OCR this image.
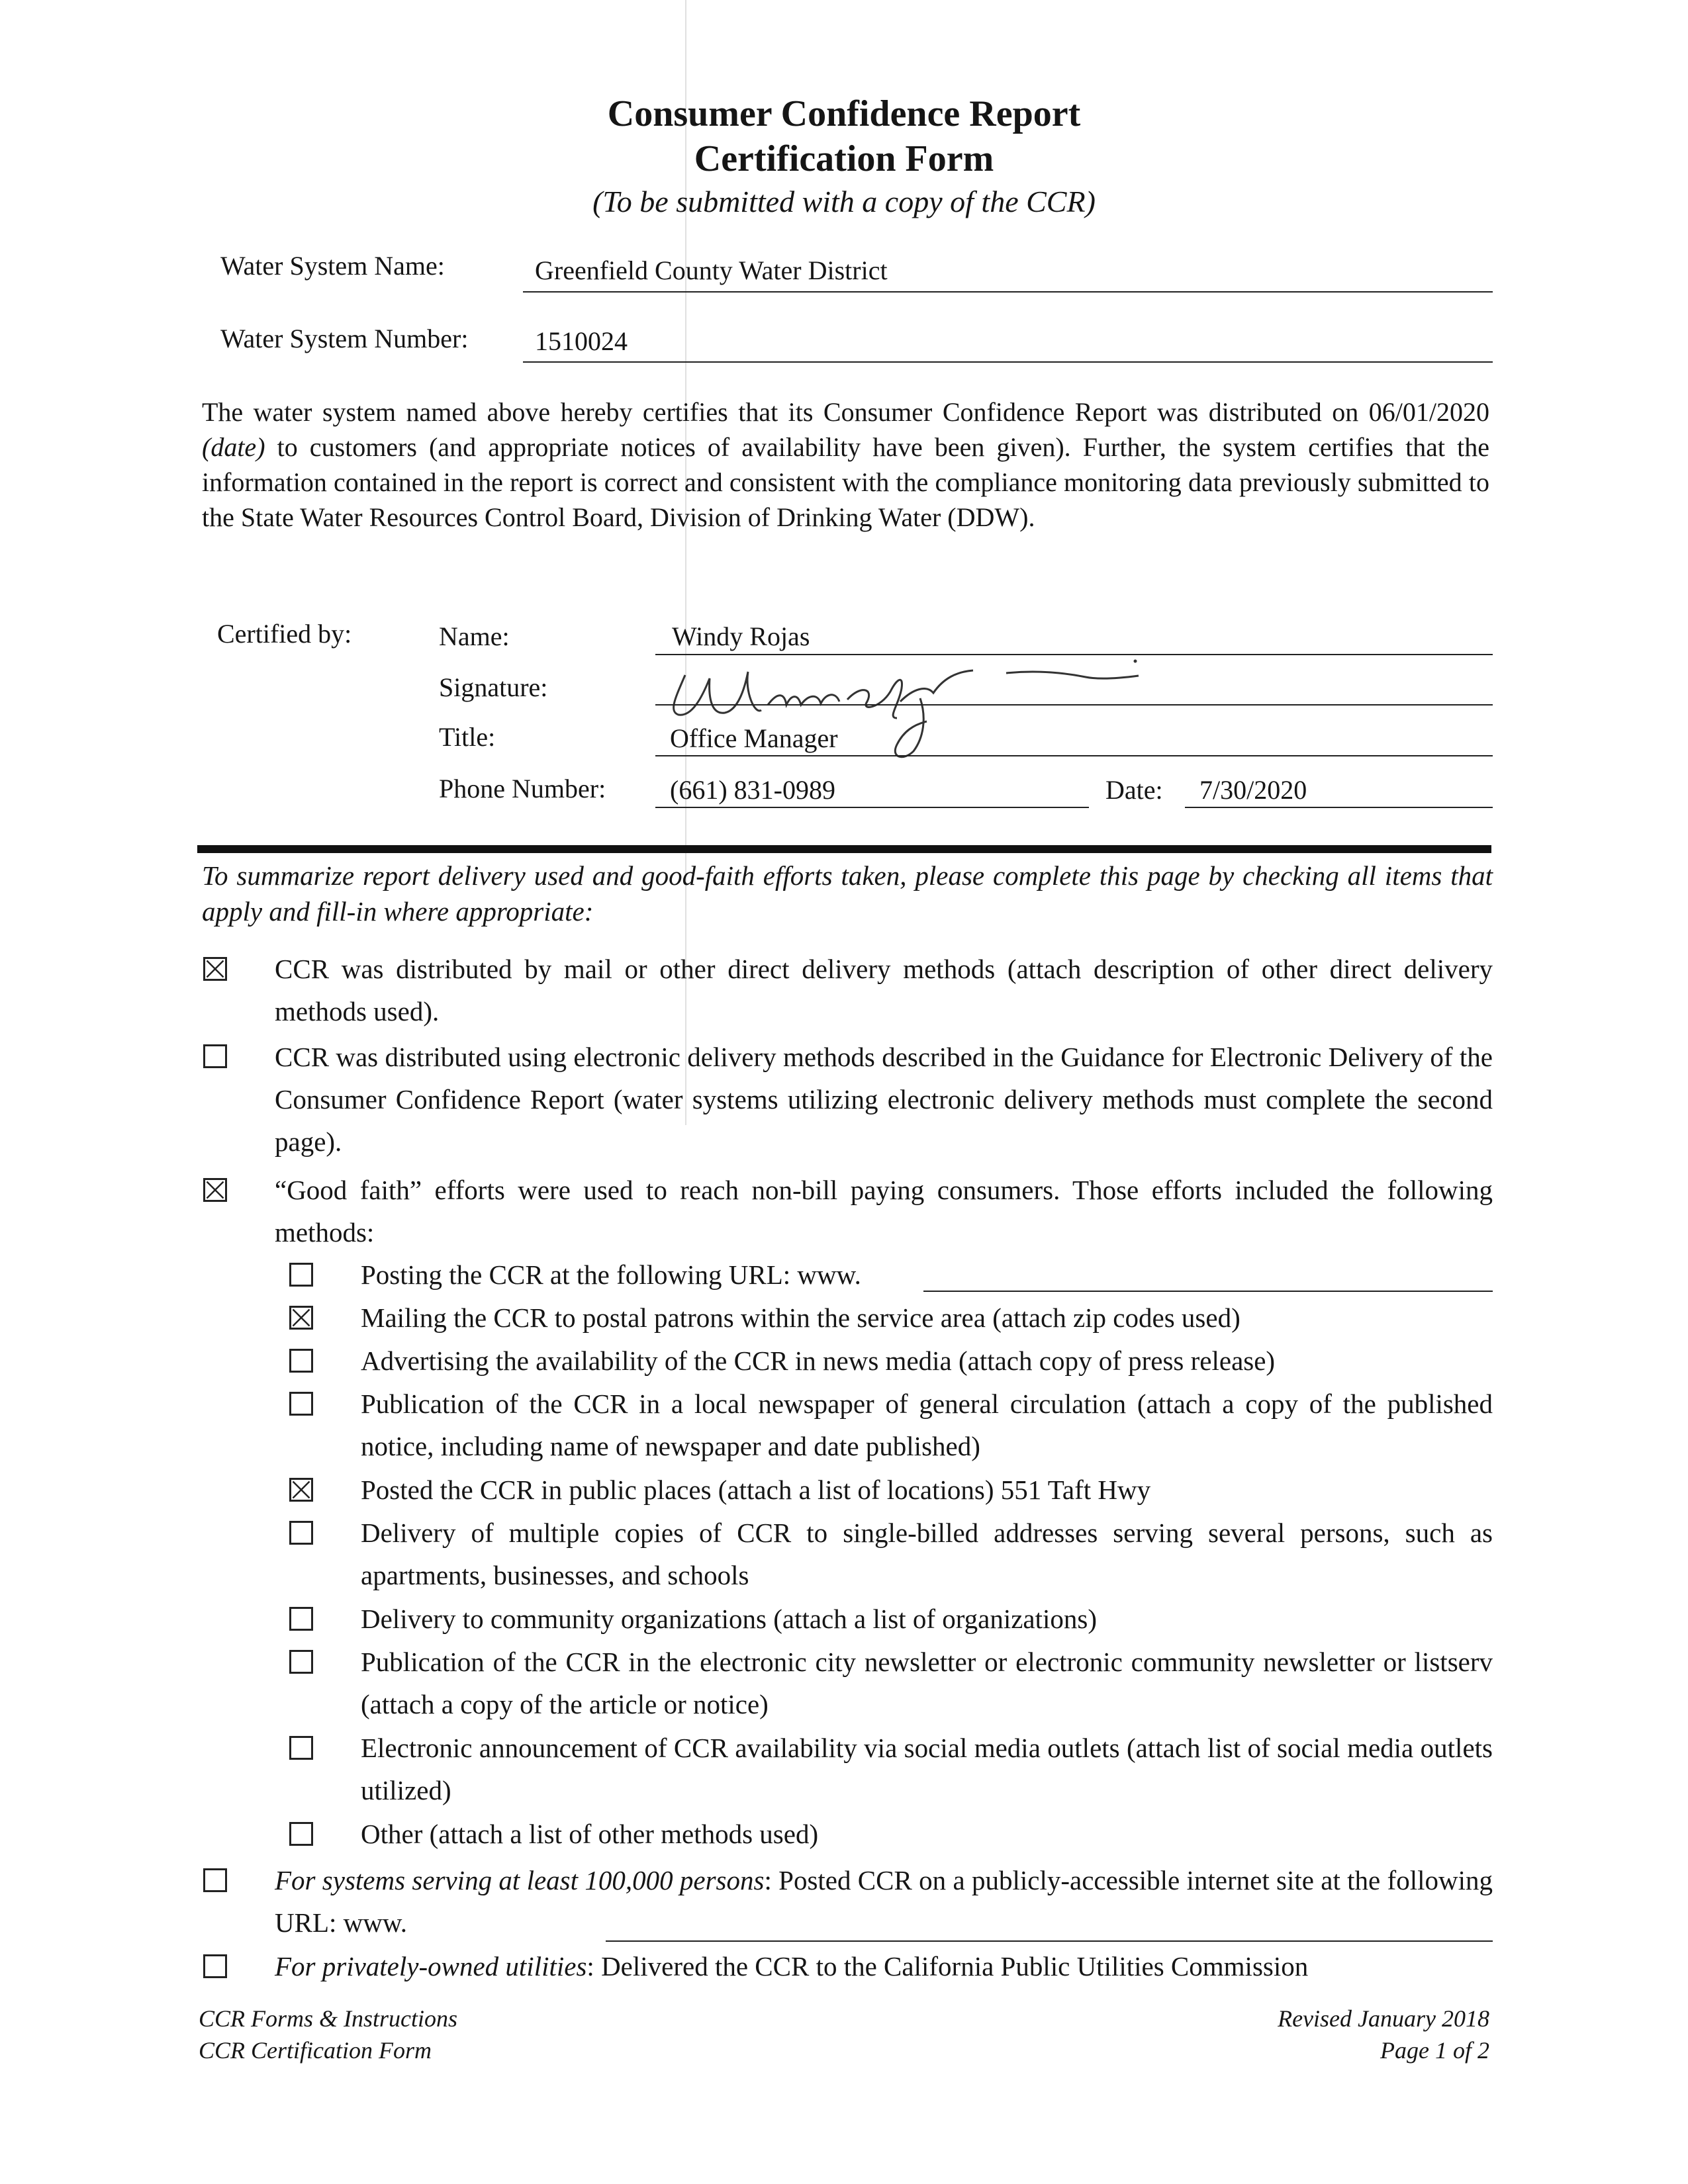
Consumer Confidence Report
Certification Form
(To be submitted with a copy of the CCR)
Water System Name:	Greenfield County Water District
Water System Number:	1510024
The water system named above hereby certifies that its Consumer Confidence Report was distributed on 06/01/2020 (date) to customers (and appropriate notices of availability have been given). Further, the system certifies that the information contained in the report is correct and consistent with the compliance monitoring data previously submitted to the State Water Resources Control Board, Division of Drinking Water (DDW).
Certified by:	Name:	Windy Rojas
Signature:
Title:	Office Manager
Phone Number: (661) 831-0989	Date: 7/30/2020
To summarize report delivery used and good-faith efforts taken, please complete this page by checking all items that apply and fill-in where appropriate:
CCR was distributed by mail or other direct delivery methods (attach description of other direct delivery methods used).
CCR was distributed using electronic delivery methods described in the Guidance for Electronic Delivery of the Consumer Confidence Report (water systems utilizing electronic delivery methods must complete the second page).
“Good faith” efforts were used to reach non-bill paying consumers. Those efforts included the following methods:
Posting the CCR at the following URL: www.
Mailing the CCR to postal patrons within the service area (attach zip codes used)
Advertising the availability of the CCR in news media (attach copy of press release)
Publication of the CCR in a local newspaper of general circulation (attach a copy of the published notice, including name of newspaper and date published)
Posted the CCR in public places (attach a list of locations) 551 Taft Hwy
Delivery of multiple copies of CCR to single-billed addresses serving several persons, such as apartments, businesses, and schools
Delivery to community organizations (attach a list of organizations)
Publication of the CCR in the electronic city newsletter or electronic community newsletter or listserv (attach a copy of the article or notice)
Electronic announcement of CCR availability via social media outlets (attach list of social media outlets utilized)
Other (attach a list of other methods used)
For systems serving at least 100,000 persons: Posted CCR on a publicly-accessible internet site at the following URL: www.
For privately-owned utilities: Delivered the CCR to the California Public Utilities Commission
CCR Forms & Instructions
CCR Certification Form
Revised January 2018
Page 1 of 2
